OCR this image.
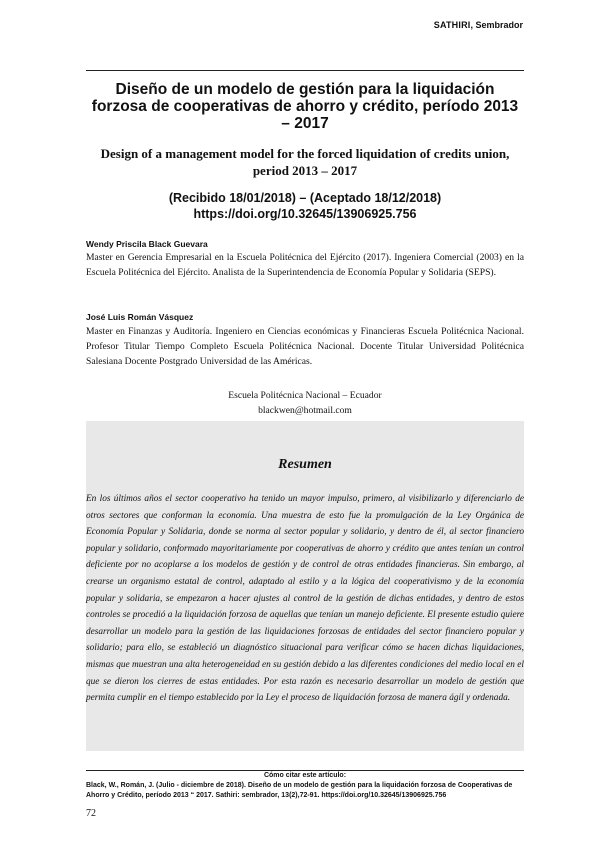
SATHIRI, Sembrador
Diseño de un modelo de gestión para la liquidación forzosa de cooperativas de ahorro y crédito, período 2013 – 2017
Design of a management model for the forced liquidation of credits union, period 2013 – 2017
(Recibido 18/01/2018) – (Aceptado 18/12/2018)
https://doi.org/10.32645/13906925.756
Wendy Priscila Black Guevara
Master en Gerencia Empresarial en la Escuela Politécnica del Ejército (2017). Ingeniera Comercial (2003) en la Escuela Politécnica del Ejército. Analista de la Superintendencia de Economía Popular y Solidaria (SEPS).
José Luis Román Vásquez
Master en Finanzas y Auditoría. Ingeniero en Ciencias económicas y Financieras Escuela Politécnica Nacional. Profesor Titular Tiempo Completo Escuela Politécnica Nacional. Docente Titular Universidad Politécnica Salesiana Docente Postgrado Universidad de las Américas.
Escuela Politécnica Nacional – Ecuador
blackwen@hotmail.com
Resumen
En los últimos años el sector cooperativo ha tenido un mayor impulso, primero, al visibilizarlo y diferenciarlo de otros sectores que conforman la economía. Una muestra de esto fue la promulgación de la Ley Orgánica de Economía Popular y Solidaria, donde se norma al sector popular y solidario, y dentro de él, al sector financiero popular y solidario, conformado mayoritariamente por cooperativas de ahorro y crédito que antes tenían un control deficiente por no acoplarse a los modelos de gestión y de control de otras entidades financieras. Sin embargo, al crearse un organismo estatal de control, adaptado al estilo y a la lógica del cooperativismo y de la economía popular y solidaria, se empezaron a hacer ajustes al control de la gestión de dichas entidades, y dentro de estos controles se procedió a la liquidación forzosa de aquellas que tenían un manejo deficiente. El presente estudio quiere desarrollar un modelo para la gestión de las liquidaciones forzosas de entidades del sector financiero popular y solidario; para ello, se estableció un diagnóstico situacional para verificar cómo se hacen dichas liquidaciones, mismas que muestran una alta heterogeneidad en su gestión debido a las diferentes condiciones del medio local en el que se dieron los cierres de estas entidades. Por esta razón es necesario desarrollar un modelo de gestión que permita cumplir en el tiempo establecido por la Ley el proceso de liquidación forzosa de manera ágil y ordenada.
Cómo citar este artículo:
Black, W., Román, J. (Julio - diciembre de 2018). Diseño de un modelo de gestión para la liquidación forzosa de Cooperativas de Ahorro y Crédito, período 2013 “ 2017. Sathiri: sembrador, 13(2),72-91. https://doi.org/10.32645/13906925.756
72
